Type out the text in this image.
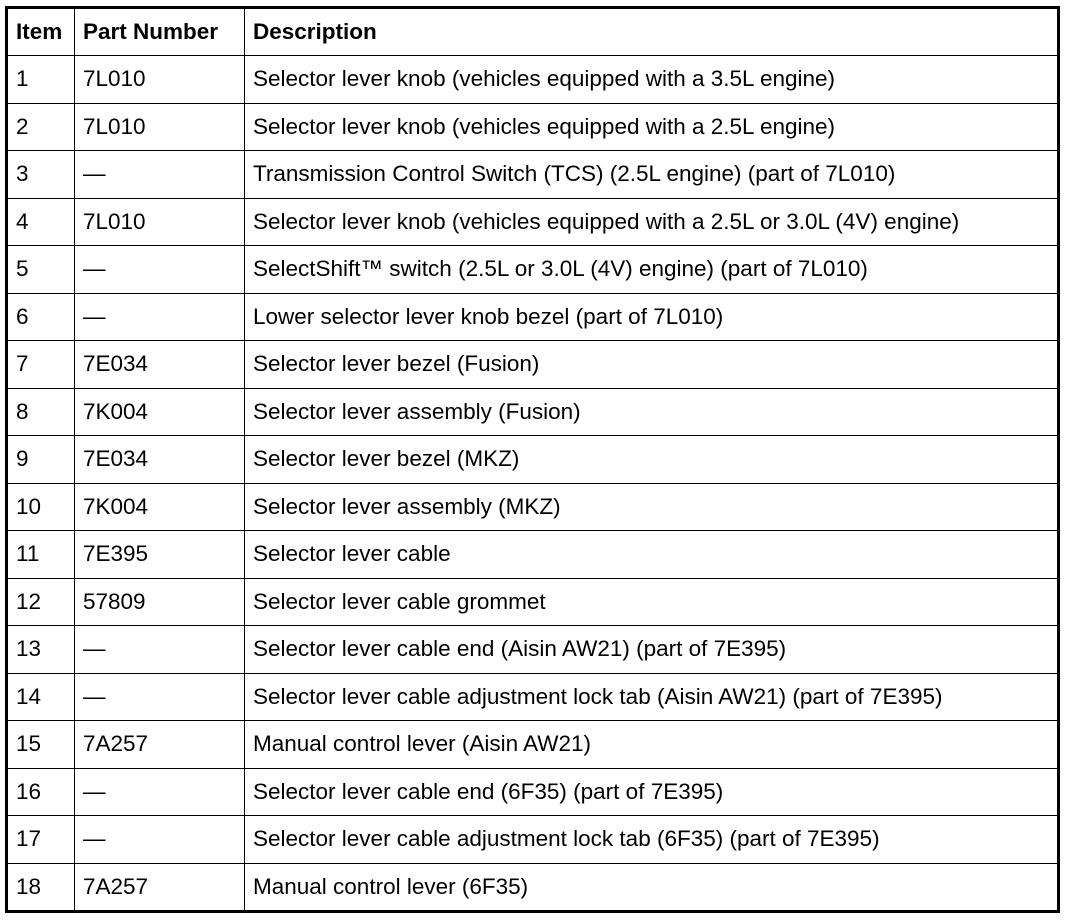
Item	Part Number	Description
1	7L010	Selector lever knob (vehicles equipped with a 3.5L engine)
2	7L010	Selector lever knob (vehicles equipped with a 2.5L engine)
3	—	Transmission Control Switch (TCS) (2.5L engine) (part of 7L010)
4	7L010	Selector lever knob (vehicles equipped with a 2.5L or 3.0L (4V) engine)
5	—	SelectShift™ switch (2.5L or 3.0L (4V) engine) (part of 7L010)
6	—	Lower selector lever knob bezel (part of 7L010)
7	7E034	Selector lever bezel (Fusion)
8	7K004	Selector lever assembly (Fusion)
9	7E034	Selector lever bezel (MKZ)
10	7K004	Selector lever assembly (MKZ)
11	7E395	Selector lever cable
12	57809	Selector lever cable grommet
13	—	Selector lever cable end (Aisin AW21) (part of 7E395)
14	—	Selector lever cable adjustment lock tab (Aisin AW21) (part of 7E395)
15	7A257	Manual control lever (Aisin AW21)
16	—	Selector lever cable end (6F35) (part of 7E395)
17	—	Selector lever cable adjustment lock tab (6F35) (part of 7E395)
18	7A257	Manual control lever (6F35)
